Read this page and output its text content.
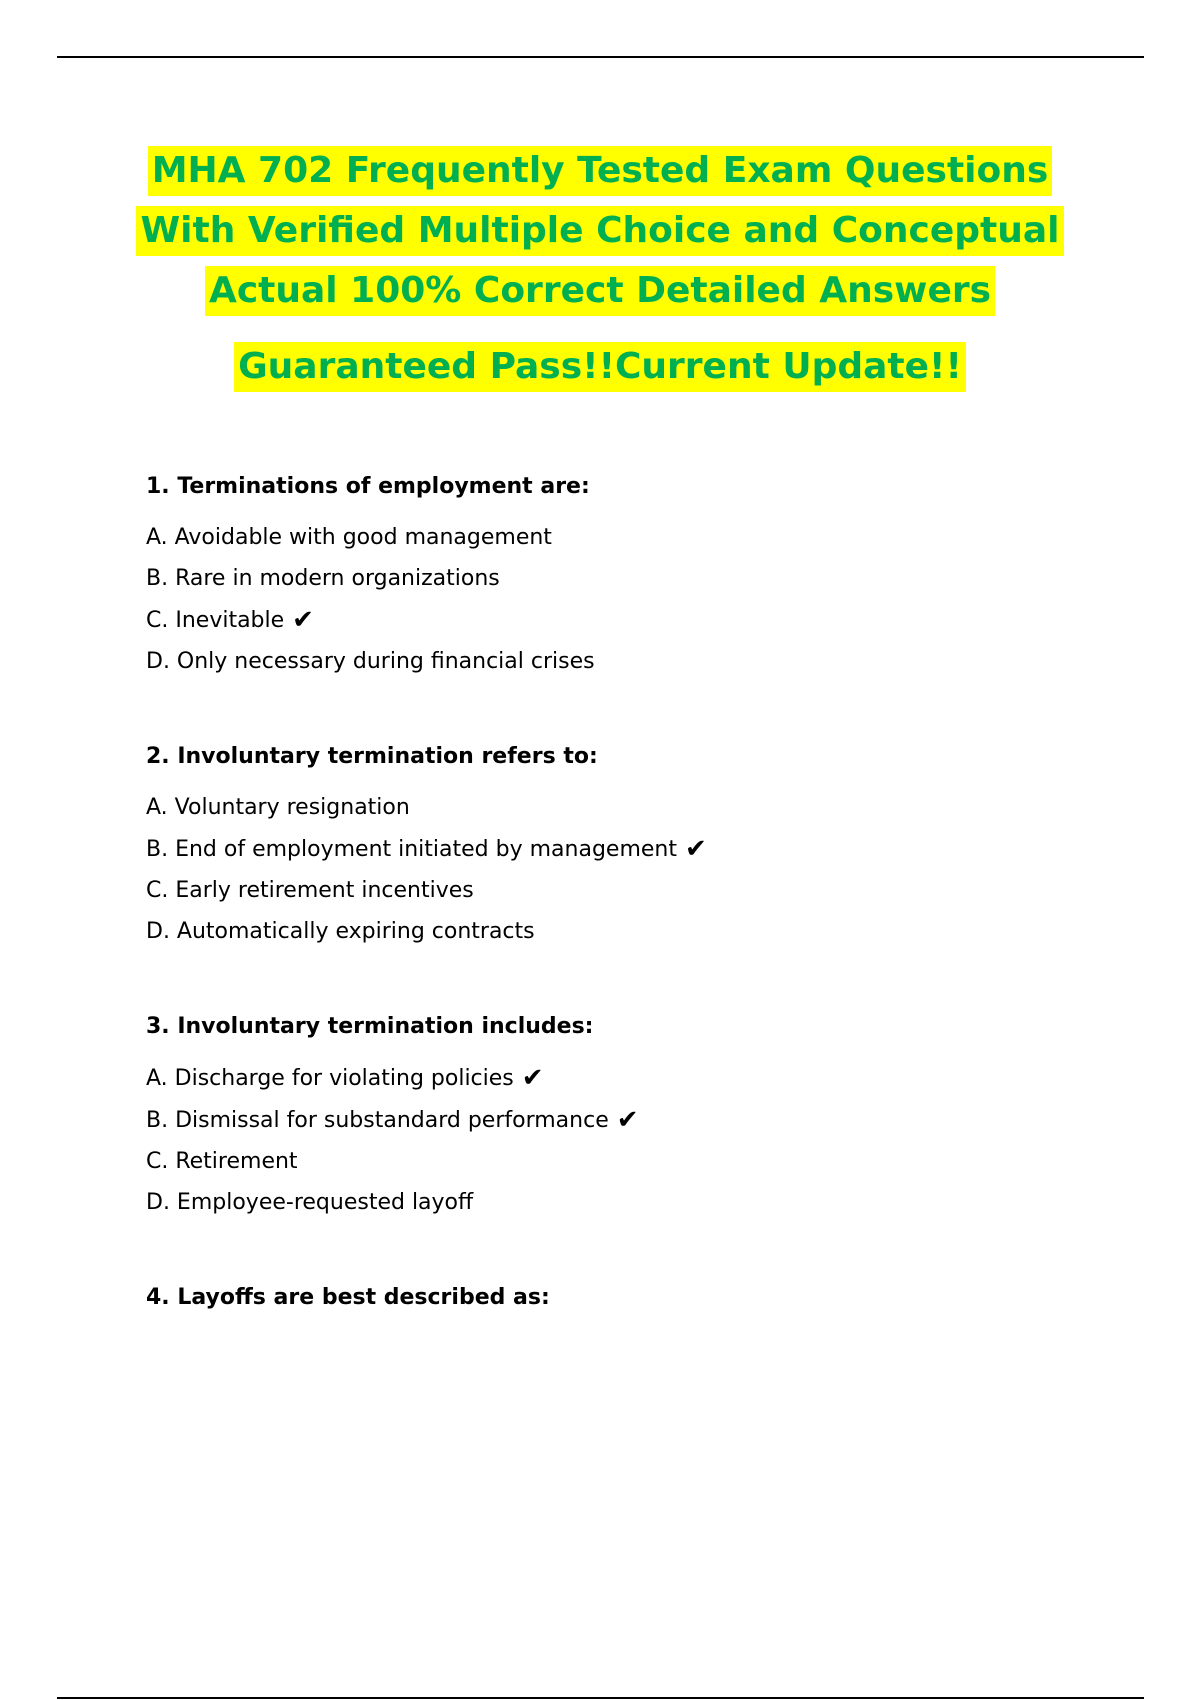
MHA 702 Frequently Tested Exam Questions
With Verified Multiple Choice and Conceptual
Actual 100% Correct Detailed Answers
Guaranteed Pass!!Current Update!!
1. Terminations of employment are:
A. Avoidable with good management
B. Rare in modern organizations
C. Inevitable ✔
D. Only necessary during financial crises
2. Involuntary termination refers to:
A. Voluntary resignation
B. End of employment initiated by management ✔
C. Early retirement incentives
D. Automatically expiring contracts
3. Involuntary termination includes:
A. Discharge for violating policies ✔
B. Dismissal for substandard performance ✔
C. Retirement
D. Employee-requested layoff
4. Layoffs are best described as:
